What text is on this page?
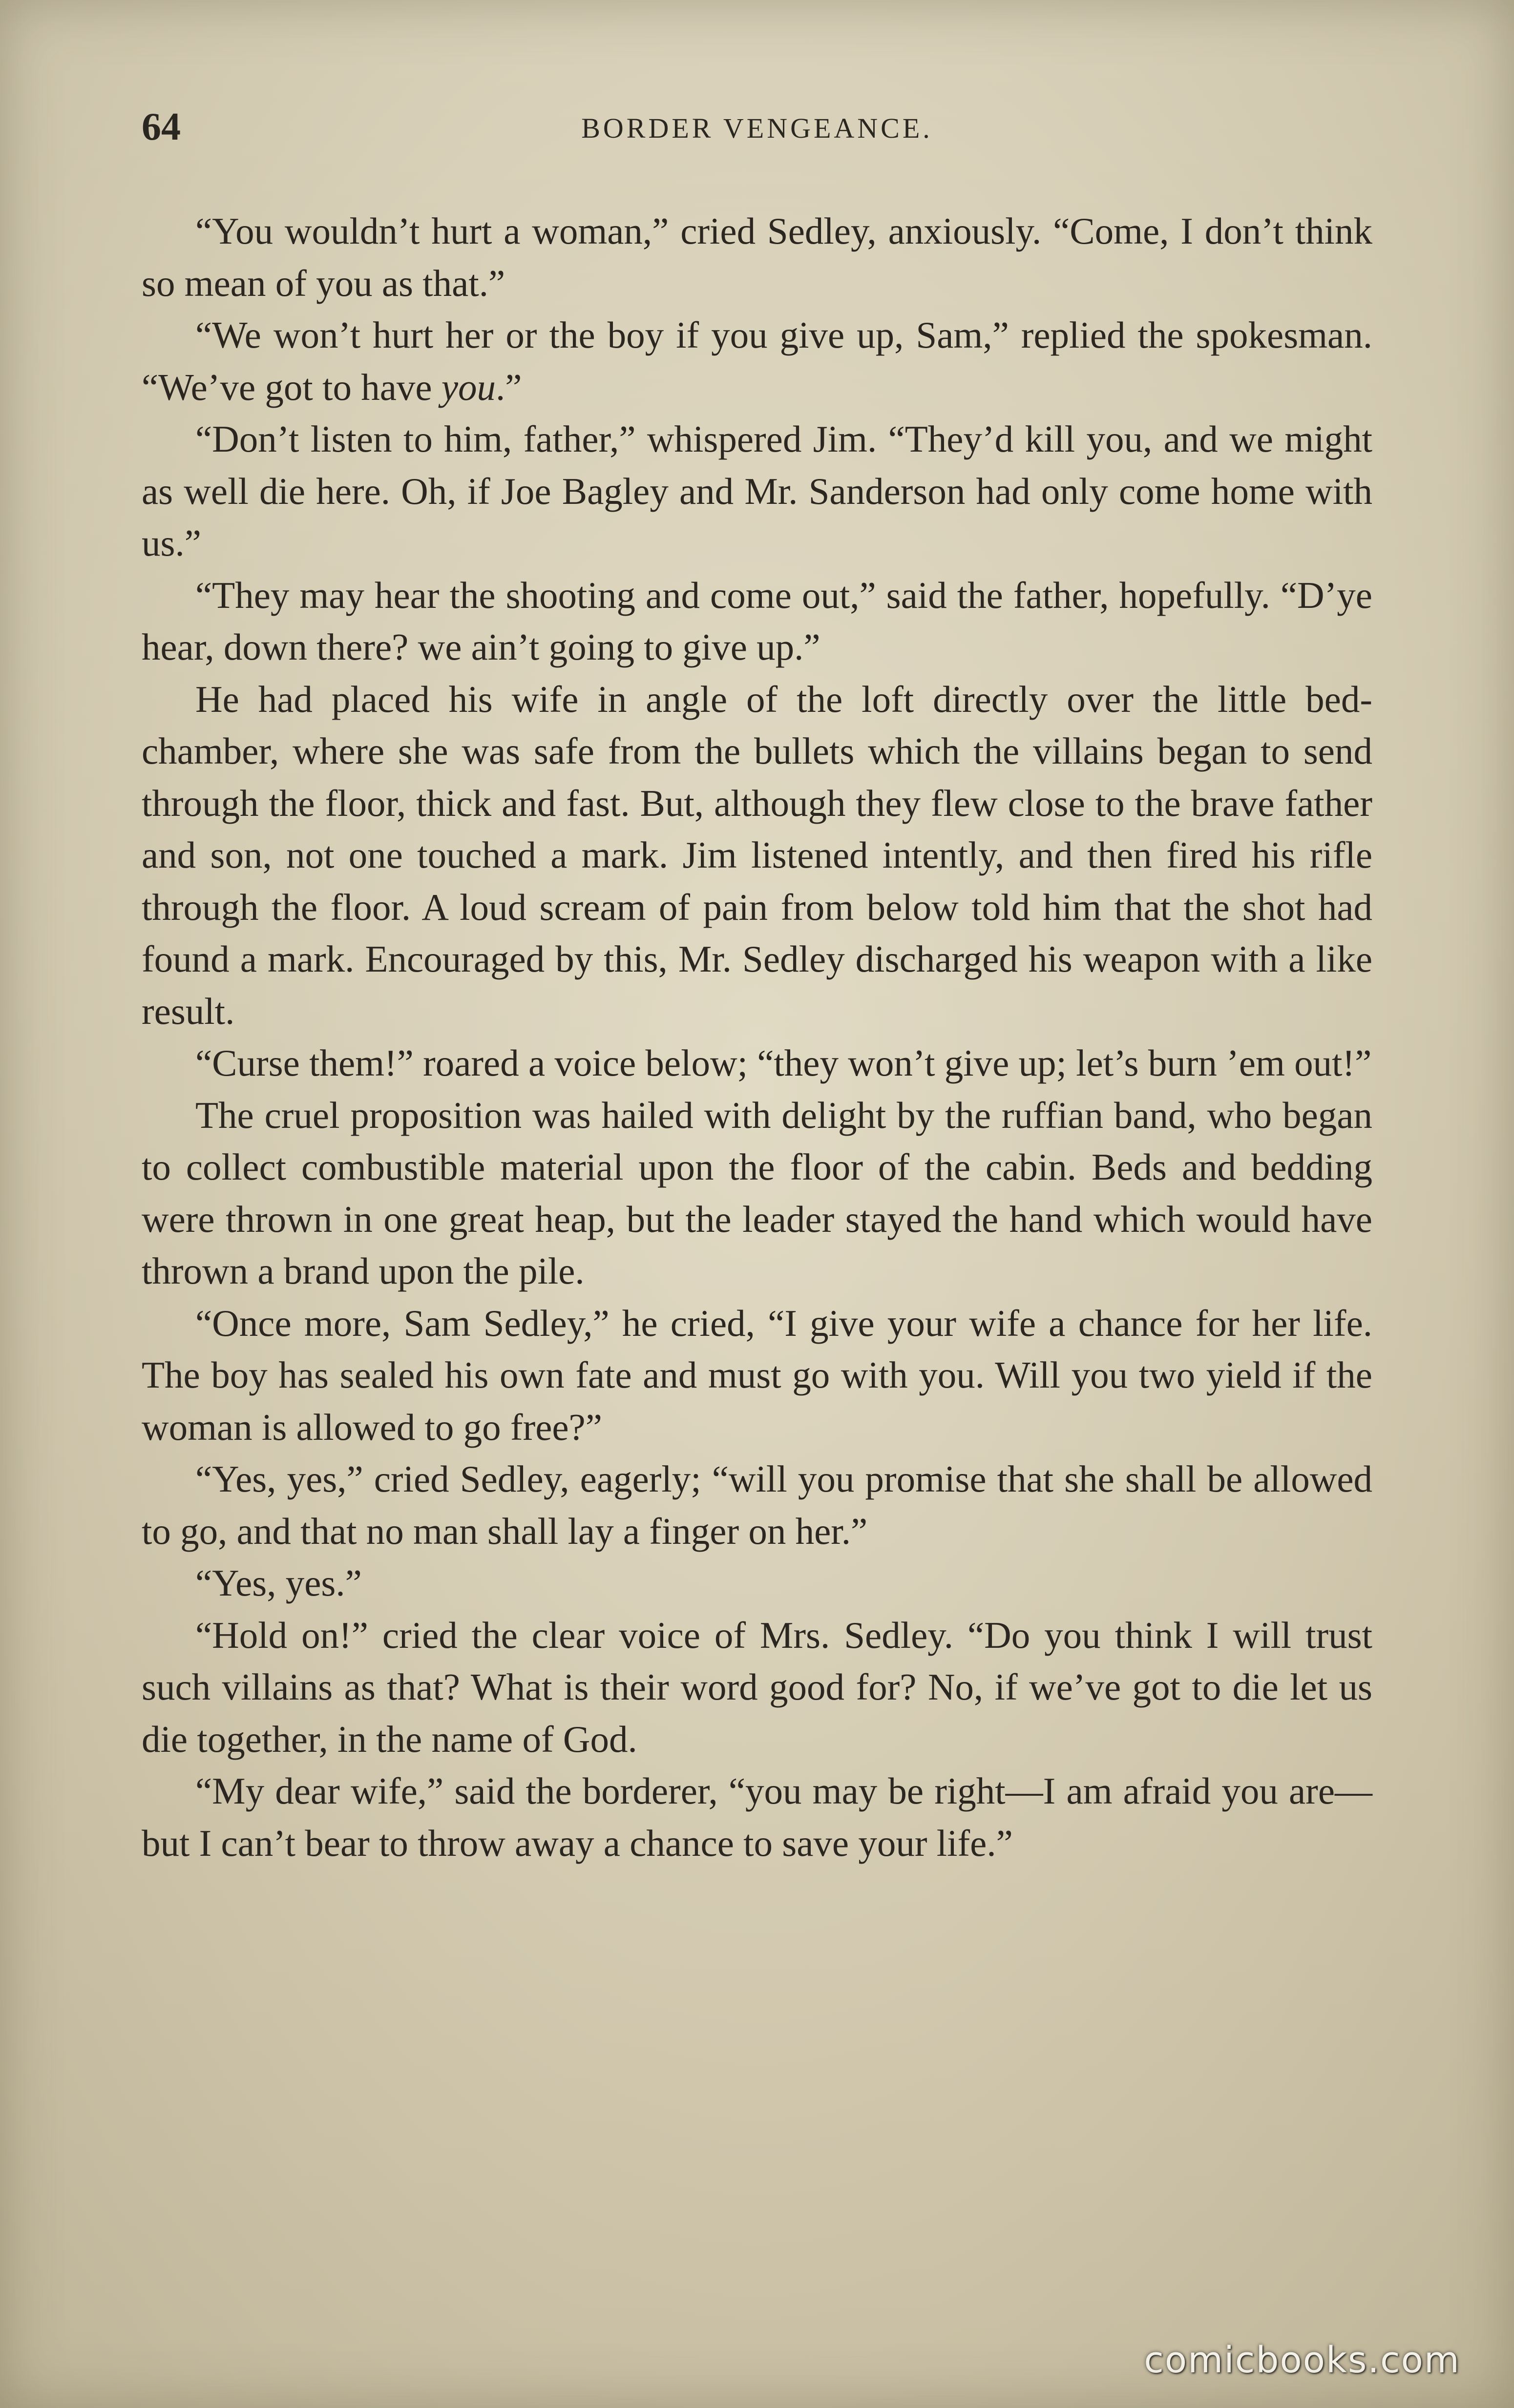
64	BORDER VENGEANCE.

“You wouldn’t hurt a woman,” cried Sedley, anxiously. “Come, I don’t think so mean of you as that.”

“We won’t hurt her or the boy if you give up, Sam,” replied the spokesman. “We’ve got to have you.”

“Don’t listen to him, father,” whispered Jim. “They’d kill you, and we might as well die here. Oh, if Joe Bagley and Mr. Sanderson had only come home with us.”

“They may hear the shooting and come out,” said the father, hopefully. “D’ye hear, down there? we ain’t going to give up.”

He had placed his wife in angle of the loft directly over the little bed-chamber, where she was safe from the bullets which the villains began to send through the floor, thick and fast. But, although they flew close to the brave father and son, not one touched a mark. Jim listened intently, and then fired his rifle through the floor. A loud scream of pain from below told him that the shot had found a mark. Encouraged by this, Mr. Sedley discharged his weapon with a like result.

“Curse them!” roared a voice below; “they won’t give up; let’s burn ’em out!”

The cruel proposition was hailed with delight by the ruffian band, who began to collect combustible material upon the floor of the cabin. Beds and bedding were thrown in one great heap, but the leader stayed the hand which would have thrown a brand upon the pile.

“Once more, Sam Sedley,” he cried, “I give your wife a chance for her life. The boy has sealed his own fate and must go with you. Will you two yield if the woman is allowed to go free?”

“Yes, yes,” cried Sedley, eagerly; “will you promise that she shall be allowed to go, and that no man shall lay a finger on her.”

“Yes, yes.”

“Hold on!” cried the clear voice of Mrs. Sedley. “Do you think I will trust such villains as that? What is their word good for? No, if we’ve got to die let us die together, in the name of God.

“My dear wife,” said the borderer, “you may be right—I am afraid you are—but I can’t bear to throw away a chance to save your life.”

comicbooks.com
